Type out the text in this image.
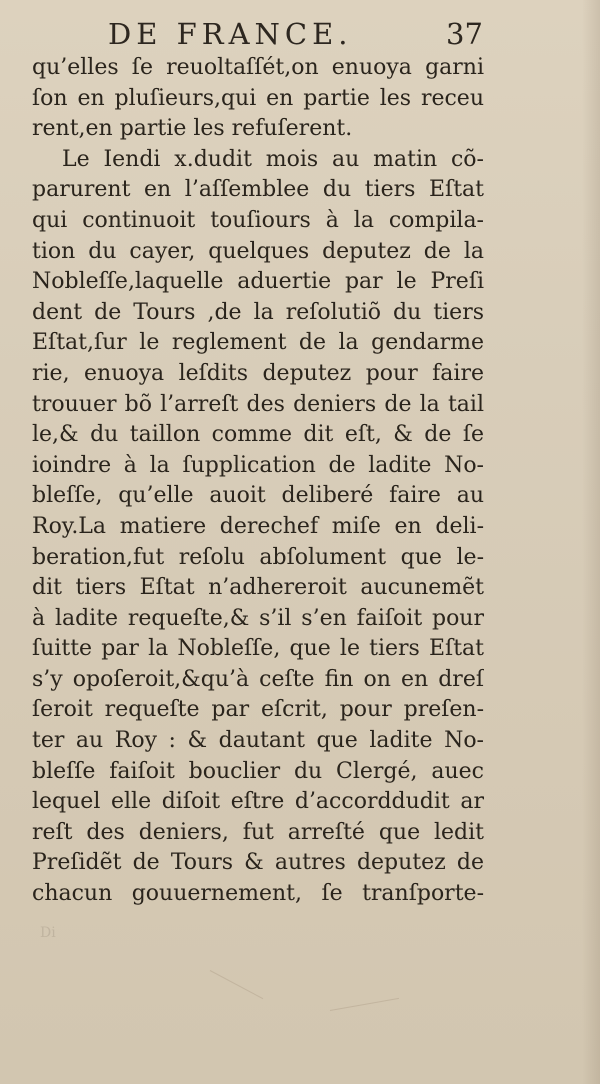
DE FRANCE.	37
qu’elles ſe reuoltaſſét,on enuoya garni
ſon en pluſieurs,qui en partie les receu
rent,en partie les refuſerent.
Le Iendi x.dudit mois au matin cõ-
parurent en l’aſſemblee du tiers Eſtat
qui continuoit touſiours à la compila-
tion du cayer, quelques deputez de la
Nobleſſe,laquelle aduertie par le Preſi
dent de Tours ,de la reſolutiõ du tiers
Eſtat,ſur le reglement de la gendarme
rie, enuoya leſdits deputez pour faire
trouuer bõ l’arreſt des deniers de la tail
le,& du taillon comme dit eſt, & de ſe
ioindre à la ſupplication de ladite No-
bleſſe, qu’elle auoit deliberé faire au
Roy.La matiere derechef miſe en deli-
beration,fut reſolu abſolument que le-
dit tiers Eſtat n’adhereroit aucunemẽt
à ladite requeſte,& s’il s’en faiſoit pour
ſuitte par la Nobleſſe, que le tiers Eſtat
s’y opoſeroit,&qu’à ceſte fin on en dreſ
ſeroit requeſte par eſcrit, pour preſen-
ter au Roy : & dautant que ladite No-
bleſſe faiſoit bouclier du Clergé, auec
lequel elle diſoit eſtre d’accorddudit ar
reſt des deniers, fut arreſté que ledit
Preſidẽt de Tours & autres deputez de
chacun gouuernement, ſe tranſporte-
Di
